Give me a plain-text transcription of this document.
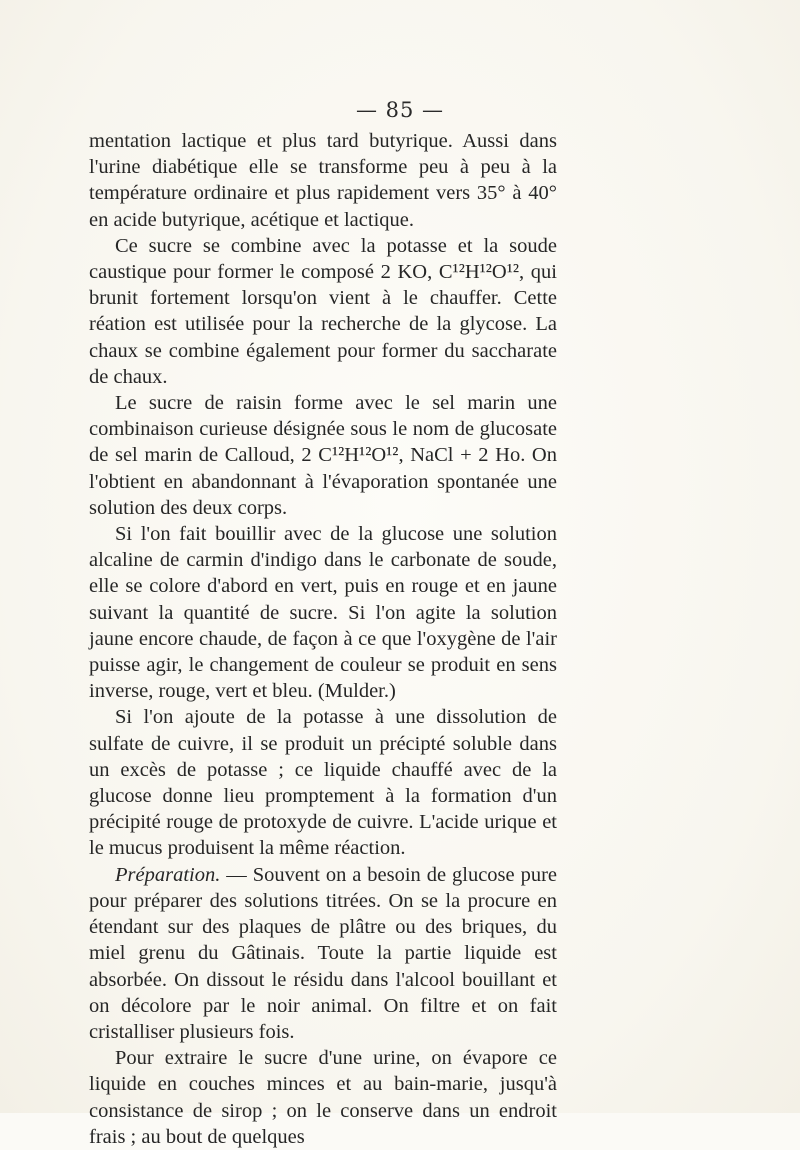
— 85 —

mentation lactique et plus tard butyrique. Aussi dans l'urine diabétique elle se transforme peu à peu à la température ordinaire et plus rapidement vers 35° à 40° en acide butyrique, acétique et lactique.

Ce sucre se combine avec la potasse et la soude caustique pour former le composé 2 KO, C¹²H¹²O¹², qui brunit fortement lorsqu'on vient à le chauffer. Cette réation est utilisée pour la recherche de la glycose. La chaux se combine également pour former du saccharate de chaux.

Le sucre de raisin forme avec le sel marin une combinaison curieuse désignée sous le nom de glucosate de sel marin de Calloud, 2 C¹²H¹²O¹², NaCl + 2 Ho. On l'obtient en abandonnant à l'évaporation spontanée une solution des deux corps.

Si l'on fait bouillir avec de la glucose une solution alcaline de carmin d'indigo dans le carbonate de soude, elle se colore d'abord en vert, puis en rouge et en jaune suivant la quantité de sucre. Si l'on agite la solution jaune encore chaude, de façon à ce que l'oxygène de l'air puisse agir, le changement de couleur se produit en sens inverse, rouge, vert et bleu. (Mulder.)

Si l'on ajoute de la potasse à une dissolution de sulfate de cuivre, il se produit un précipté soluble dans un excès de potasse ; ce liquide chauffé avec de la glucose donne lieu promptement à la formation d'un précipité rouge de protoxyde de cuivre. L'acide urique et le mucus produisent la même réaction.

Préparation. — Souvent on a besoin de glucose pure pour préparer des solutions titrées. On se la procure en étendant sur des plaques de plâtre ou des briques, du miel grenu du Gâtinais. Toute la partie liquide est absorbée. On dissout le résidu dans l'alcool bouillant et on décolore par le noir animal. On filtre et on fait cristalliser plusieurs fois.

Pour extraire le sucre d'une urine, on évapore ce liquide en couches minces et au bain-marie, jusqu'à consistance de sirop ; on le conserve dans un endroit frais ; au bout de quelques
